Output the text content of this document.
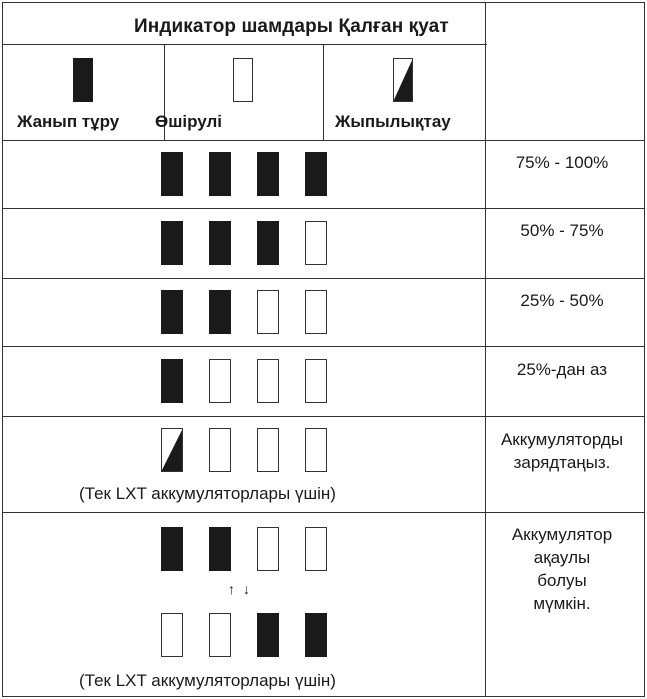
Индикатор шамдары Қалған қуат
Жанып тұру Өшірулі	Жыпылықтау
75% - 100%
50% - 75%
25% - 50%
25%-дан аз
Аккумуляторды
зарядтаңыз.
Аккумулятор
ақаулы
болуы
мүмкін.
(Тек LXT аккумуляторлары үшін)
(Тек LXT аккумуляторлары үшін)
↑↓
